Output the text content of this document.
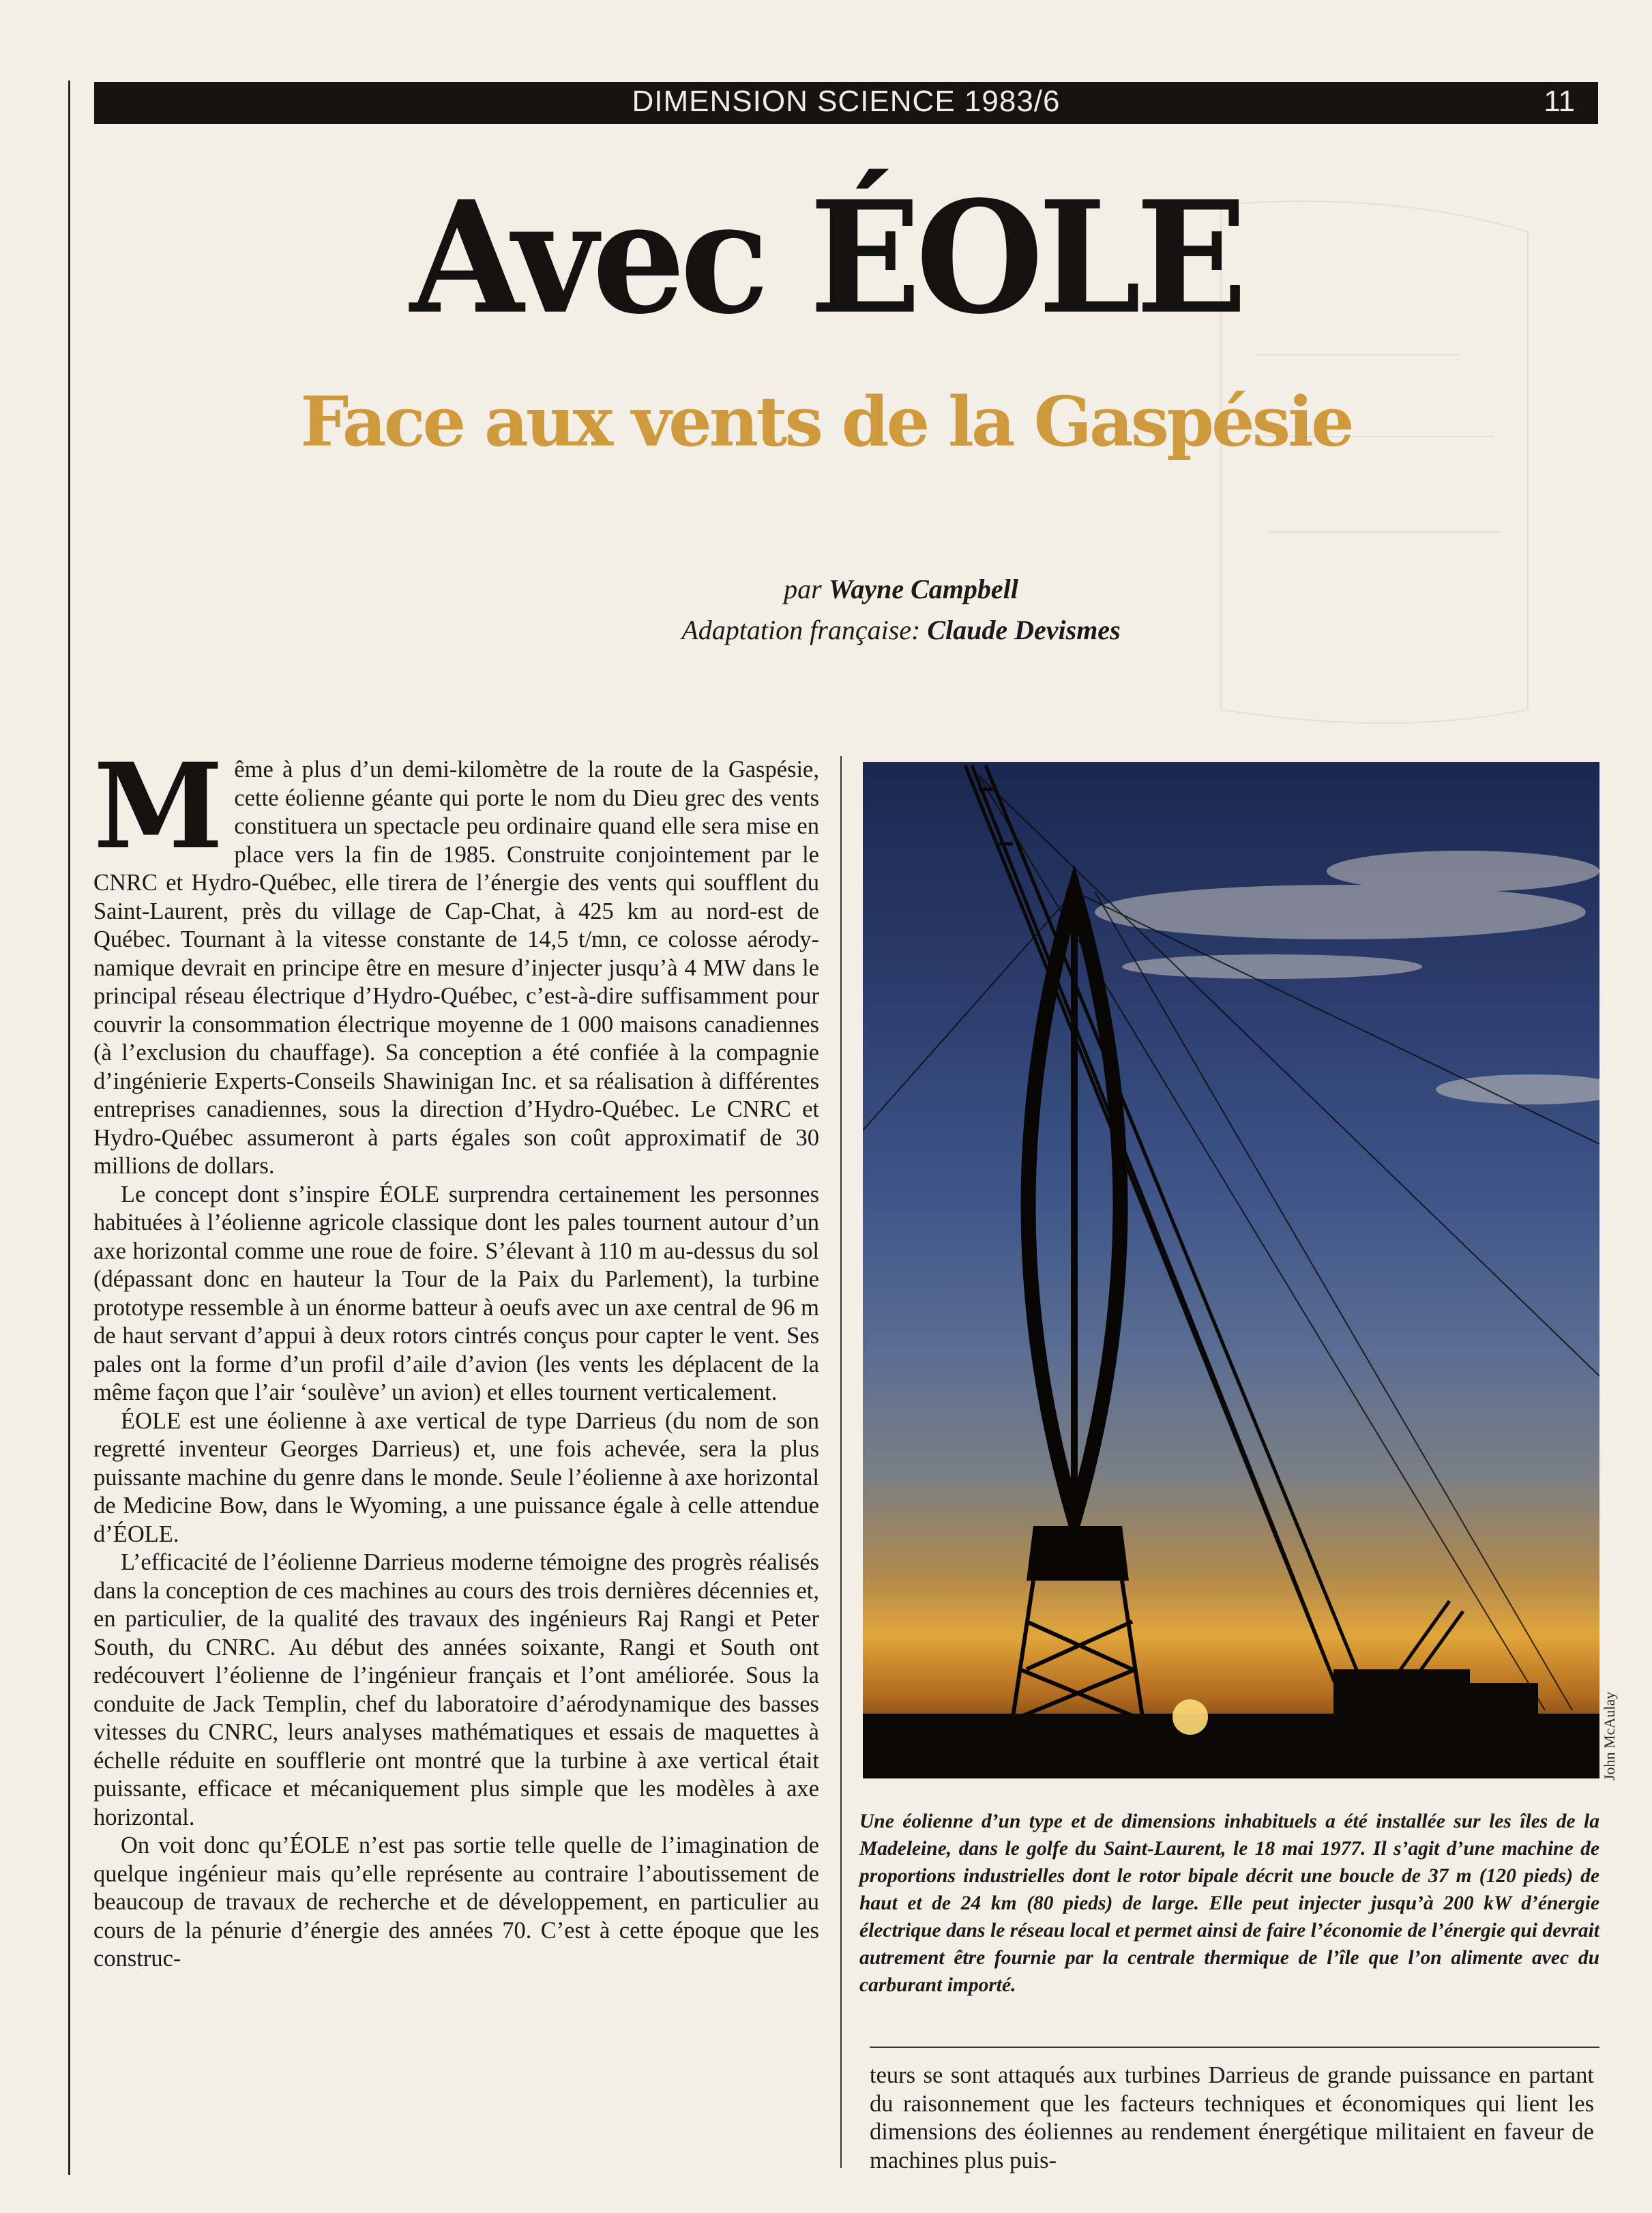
DIMENSION SCIENCE 1983/6	11
Avec ÉOLE
Face aux vents de la Gaspésie
par Wayne Campbell
Adaptation française: Claude Devismes

Même à plus d’un demi-kilomètre de la route de la Gaspésie, cette éolienne géante qui porte le nom du Dieu grec des vents constituera un spectacle peu ordinaire quand elle sera mise en place vers la fin de 1985. Construite conjointement par le CNRC et Hydro-Québec, elle tirera de l’énergie des vents qui soufflent du Saint-Laurent, près du village de Cap-Chat, à 425 km au nord-est de Québec. Tournant à la vitesse constante de 14,5 t/mn, ce colosse aérodynamique devrait en principe être en mesure d’injecter jusqu’à 4 MW dans le principal réseau électrique d’Hydro-Québec, c’est-à-dire suffisamment pour couvrir la consommation électrique moyenne de 1 000 maisons canadiennes (à l’exclusion du chauffage). Sa conception a été confiée à la compagnie d’ingénierie Experts-Conseils Shawinigan Inc. et sa réalisation à différentes entreprises canadiennes, sous la direction d’Hydro-Québec. Le CNRC et Hydro-Québec assumeront à parts égales son coût approximatif de 30 millions de dollars.

Le concept dont s’inspire ÉOLE surprendra certainement les personnes habituées à l’éolienne agricole classique dont les pales tournent autour d’un axe horizontal comme une roue de foire. S’élevant à 110 m au-dessus du sol (dépassant donc en hauteur la Tour de la Paix du Parlement), la turbine prototype ressemble à un énorme batteur à oeufs avec un axe central de 96 m de haut servant d’appui à deux rotors cintrés conçus pour capter le vent. Ses pales ont la forme d’un profil d’aile d’avion (les vents les déplacent de la même façon que l’air ‘soulève’ un avion) et elles tournent verticalement.

ÉOLE est une éolienne à axe vertical de type Darrieus (du nom de son regretté inventeur Georges Darrieus) et, une fois achevée, sera la plus puissante machine du genre dans le monde. Seule l’éolienne à axe horizontal de Medicine Bow, dans le Wyoming, a une puissance égale à celle attendue d’ÉOLE.

L’efficacité de l’éolienne Darrieus moderne témoigne des progrès réalisés dans la conception de ces machines au cours des trois dernières décennies et, en particulier, de la qualité des travaux des ingénieurs Raj Rangi et Peter South, du CNRC. Au début des années soixante, Rangi et South ont redécouvert l’éolienne de l’ingénieur français et l’ont améliorée. Sous la conduite de Jack Templin, chef du laboratoire d’aérodynamique des basses vitesses du CNRC, leurs analyses mathématiques et essais de maquettes à échelle réduite en soufflerie ont montré que la turbine à axe vertical était puissante, efficace et mécaniquement plus simple que les modèles à axe horizontal.

On voit donc qu’ÉOLE n’est pas sortie telle quelle de l’imagination de quelque ingénieur mais qu’elle représente au contraire l’aboutissement de beaucoup de travaux de recherche et de développement, en particulier au cours de la pénurie d’énergie des années 70. C’est à cette époque que les construc-

John McAulay
Une éolienne d’un type et de dimensions inhabituels a été installée sur les îles de la Madeleine, dans le golfe du Saint-Laurent, le 18 mai 1977. Il s’agit d’une machine de proportions industrielles dont le rotor bipale décrit une boucle de 37 m (120 pieds) de haut et de 24 km (80 pieds) de large. Elle peut injecter jusqu’à 200 kW d’énergie électrique dans le réseau local et permet ainsi de faire l’économie de l’énergie qui devrait autrement être fournie par la centrale thermique de l’île que l’on alimente avec du carburant importé.

teurs se sont attaqués aux turbines Darrieus de grande puissance en partant du raisonnement que les facteurs techniques et économiques qui lient les dimensions des éoliennes au rendement énergétique militaient en faveur de machines plus puis-
